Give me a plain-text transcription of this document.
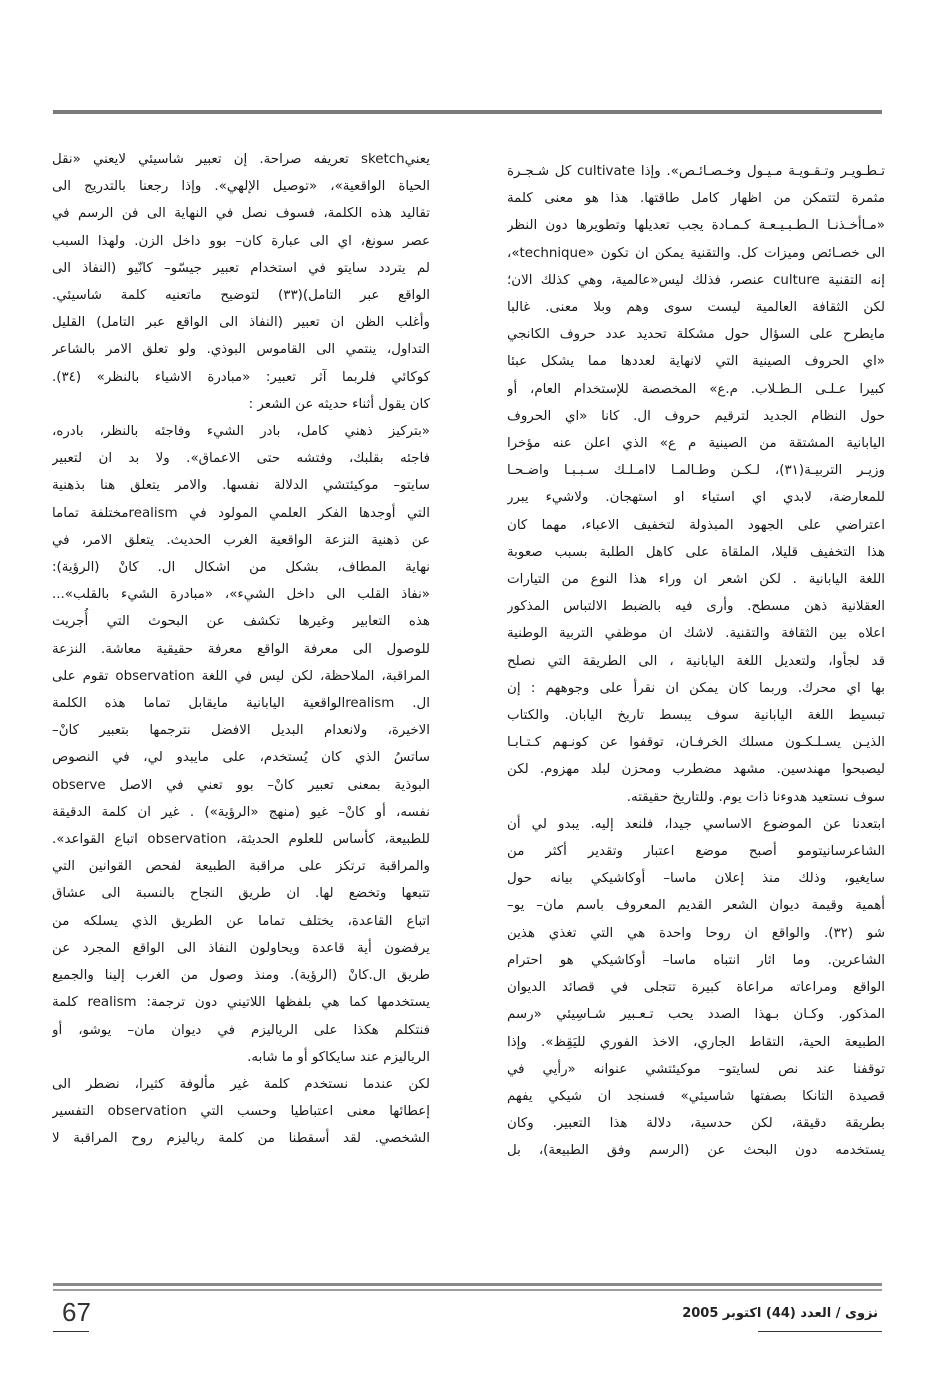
تـطـويـر وتـقـويـة مـيـول وخـصـائـص». وإذا cultivate كل شـجـرة
مثمرة لتتمكن من اظهار كامل طاقتها. هذا هو معنى كلمة
«مـاأخـذنـا الـطـبـيـعـة كـمـادة يجب تعديلها وتطويرها دون النظر
الى خصـائص وميزات كل. والتقنية يمكن ان تكون «technique»،
إنه التقنية culture عنصر، فذلك ليس«عالمية، وهي كذلك الان؛
لكن الثقافة العالمية ليست سوى وهم وبلا معنى. غالبا
مايطرح على السؤال حول مشكلة تحديد عدد حروف الكانجي
«اي الحروف الصينية التي لانهاية لعددها مما يشكل عبئا
كبيرا عـلـى الـطـلاب. م.ع» المخصصة للإستخدام العام، أو
حول النظام الجديد لترقيم حروف ال. كانا «اي الحروف
اليابانية المشتقة من الصينية م ع» الذي اعلن عنه مؤخرا
وزيـر التربيـة(٣١)، لـكـن وطـالمـا لاامـلـك سـبـبـا واضـحـا
للمعارضة، لابدي اي استياء او استهجان. ولاشيء يبرر
اعتراضي على الجهود المبذولة لتخفيف الاعباء، مهما كان
هذا التخفيف قليلا، الملقاة على كاهل الطلبة بسبب صعوبة
اللغة اليابانية . لكن اشعر ان وراء هذا النوع من التيارات
العقلانية ذهن مسطح. وأرى فيه بالضبط الالتباس المذكور
اعلاه بين الثقافة والتقنية. لاشك ان موظفي التربية الوطنية
قد لجأوا، ولتعديل اللغة اليابانية ، الى الطريقة التي نصلح
بها اي محرك. وربما كان يمكن ان نقرأ على وجوههم : إن
تبسيط اللغة اليابانية سوف يبسط تاريخ اليابان. والكتاب
الذيـن يسـلـكـون مسلك الخرفـان، توقفوا عن كونـهم كـتـابـا
ليصبحوا مهندسين. مشهد مضطرب ومحزن لبلد مهزوم. لكن
سوف نستعيد هدوءنا ذات يوم. وللتاريخ حقيقته.
ابتعدنا عن الموضوع الاساسي جيدا، فلنعد إليه. يبدو لي أن
الشاعرسانيتومو أصبح موضع اعتبار وتقدير أكثر من
سايغيو، وذلك منذ إعلان ماسا– أوكاشيكي بيانه حول
أهمية وقيمة ديوان الشعر القديم المعروف باسم مان– يو–
شو (٣٢). والواقع ان روحا واحدة هي التي تغذي هذين
الشاعرين. وما اثار انتباه ماسا– أوكاشيكي هو احترام
الواقع ومراعاته مراعاة كبيرة تتجلى في قصائد الديوان
المذكور. وكـان بـهذا الصدد يحب تـعـبير شـاسِيئي «رسم
الطبيعة الحية، التقاط الجاري، الاخذ الفوري لليَقِظ». وإذا
توقفنا عند نص لسايتو– موكيئتشي عنوانه «رأيي في
قصيدة التانكا بصفتها شاسيئي» فسنجد ان شيكي يفهم
بطريقة دقيقة، لكن حدسية، دلالة هذا التعبير. وكان
يستخدمه دون البحث عن (الرسم وفق الطبيعة)، بل
يعنيsketch تعريفه صراحة. إن تعبير شاسيئي لايعني «نقل
الحياة الواقعية»، «توصيل الإلهي». وإذا رجعنا بالتدريج الى
تقاليد هذه الكلمة، فسوف نصل في النهاية الى فن الرسم في
عصر سونغ، اي الى عبارة كان– بوو داخل الزن. ولهذا السبب
لم يتردد سايتو في استخدام تعبير جيسّو– كانّيو (النفاذ الى
الواقع عبر التامل)(٣٣) لتوضيح ماتعنيه كلمة شاسيئي.
وأغلب الظن ان تعبير (النفاذ الى الواقع عبر التامل) القليل
التداول، ينتمي الى القاموس البوذي. ولو تعلق الامر بالشاعر
كوكائي فلربما آثر تعبير: «مبادرة الاشياء بالنظر» (٣٤).
كان يقول أثناء حديثه عن الشعر :
«بتركيز ذهني كامل، بادر الشيء وفاجئه بالنظر، بادره،
فاجئه بقلبك، وفتشه حتى الاعماق». ولا بد ان لتعبير
سايتو– موكيئتشي الدلالة نفسها. والامر يتعلق هنا بذهنية
التي أوجدها الفكر العلمي المولود في realismمختلفة تماما
عن ذهنية النزعة الواقعية الغرب الحديث. يتعلق الامر، في
نهاية المطاف، بشكل من اشكال ال. كانْ (الرؤية):
«نفاذ القلب الى داخل الشيء»، «مبادرة الشيء بالقلب»...
هذه التعابير وغيرها تكشف عن البحوث التي أُجريت
للوصول الى معرفة الواقع معرفة حقيقية معاشة. النزعة
المراقبة، الملاحظة، لكن ليس في اللغة observation تقوم على
ال. realismالواقعية اليابانية مايقابل تماما هذه الكلمة
الاخيرة، ولانعدام البديل الافضل نترجمها بتعبير كانْ–
ساتسُ الذي كان يُستخدم، على مايبدو لي، في النصوص
البوذية بمعنى تعبير كانْ– بوو تعني في الاصل observe
نفسه، أو كانْ– غيو (منهج «الرؤية») . غير ان كلمة الدقيقة
للطبيعة، كأساس للعلوم الحديثة، observation اتباع القواعد».
والمراقبة ترتكز على مراقبة الطبيعة لفحص القوانين التي
تتبعها وتخضع لها. ان طريق النجاح بالنسبة الى عشاق
اتباع القاعدة، يختلف تماما عن الطريق الذي يسلكه من
يرفضون أية قاعدة ويحاولون النفاذ الى الواقع المجرد عن
طريق ال.كانْ (الرؤية). ومنذ وصول من الغرب إلينا والجميع
يستخدمها كما هي بلفظها اللاتيني دون ترجمة: realism كلمة
فنتكلم هكذا على الرياليزم في ديوان مان– يوشو، أو
الرياليزم عند سايكاكو أو ما شابه.
لكن عندما نستخدم كلمة غير مألوفة كثيرا، نضطر الى
إعطائها معنى اعتباطيا وحسب التي observation التفسير
الشخصي. لقد أسقطنا من كلمة رياليزم روح المراقبة لا
67	نزوى / العدد (44) اكتوبر 2005
